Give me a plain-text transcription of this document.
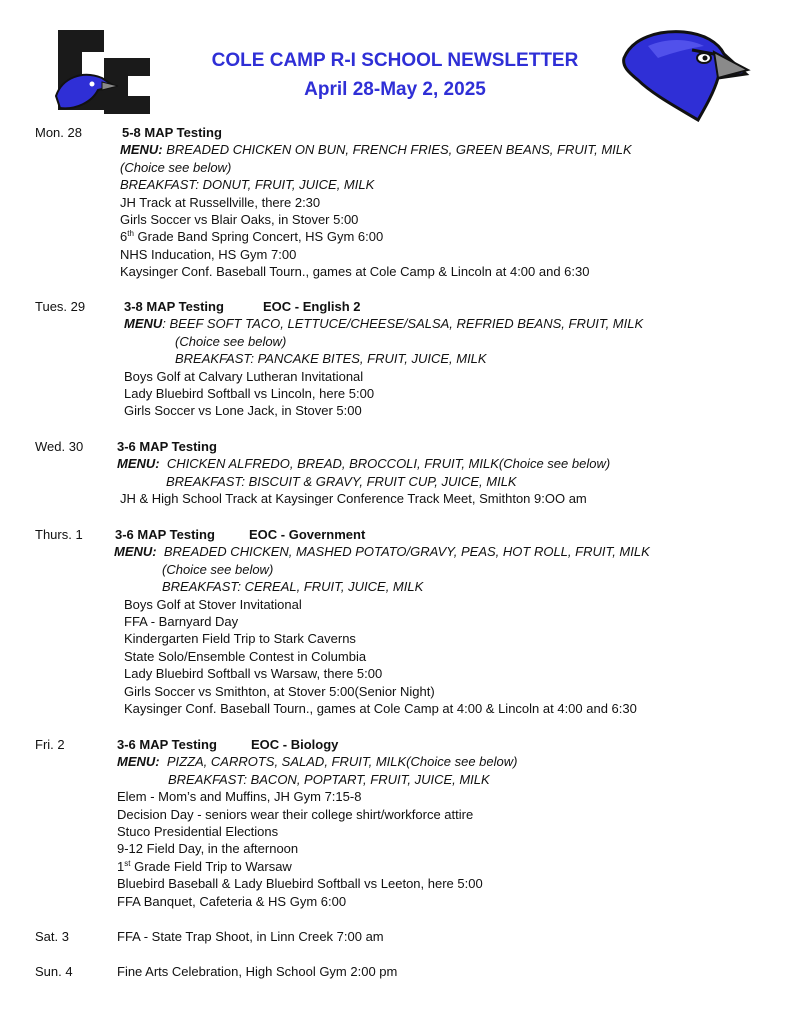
COLE CAMP R-I SCHOOL NEWSLETTER
April 28-May 2, 2025
Mon. 28	5-8 MAP Testing
MENU: BREADED CHICKEN ON BUN, FRENCH FRIES, GREEN BEANS, FRUIT, MILK
(Choice see below)
BREAKFAST: DONUT, FRUIT, JUICE, MILK
JH Track at Russellville, there 2:30
Girls Soccer vs Blair Oaks, in Stover 5:00
6th Grade Band Spring Concert, HS Gym 6:00
NHS Inducation, HS Gym 7:00
Kaysinger Conf. Baseball Tourn., games at Cole Camp & Lincoln at 4:00 and 6:30
Tues. 29	3-8 MAP Testing	EOC - English 2
MENU: BEEF SOFT TACO, LETTUCE/CHEESE/SALSA, REFRIED BEANS, FRUIT, MILK
(Choice see below)
BREAKFAST: PANCAKE BITES, FRUIT, JUICE, MILK
Boys Golf at Calvary Lutheran Invitational
Lady Bluebird Softball vs Lincoln, here 5:00
Girls Soccer vs Lone Jack, in Stover 5:00
Wed. 30	3-6 MAP Testing
MENU: CHICKEN ALFREDO, BREAD, BROCCOLI, FRUIT, MILK(Choice see below)
BREAKFAST: BISCUIT & GRAVY, FRUIT CUP, JUICE, MILK
JH & High School Track at Kaysinger Conference Track Meet, Smithton 9:OO am
Thurs. 1 3-6 MAP Testing	EOC - Government
MENU: BREADED CHICKEN, MASHED POTATO/GRAVY, PEAS, HOT ROLL, FRUIT, MILK
(Choice see below)
BREAKFAST: CEREAL, FRUIT, JUICE, MILK
Boys Golf at Stover Invitational
FFA - Barnyard Day
Kindergarten Field Trip to Stark Caverns
State Solo/Ensemble Contest in Columbia
Lady Bluebird Softball vs Warsaw, there 5:00
Girls Soccer vs Smithton, at Stover 5:00(Senior Night)
Kaysinger Conf. Baseball Tourn., games at Cole Camp at 4:00 & Lincoln at 4:00 and 6:30
Fri. 2	3-6 MAP Testing	EOC - Biology
MENU: PIZZA, CARROTS, SALAD, FRUIT, MILK(Choice see below)
BREAKFAST: BACON, POPTART, FRUIT, JUICE, MILK
Elem - Mom’s and Muffins, JH Gym 7:15-8
Decision Day - seniors wear their college shirt/workforce attire
Stuco Presidential Elections
9-12 Field Day, in the afternoon
1st Grade Field Trip to Warsaw
Bluebird Baseball & Lady Bluebird Softball vs Leeton, here 5:00
FFA Banquet, Cafeteria & HS Gym 6:00
Sat. 3	FFA - State Trap Shoot, in Linn Creek 7:00 am
Sun. 4	Fine Arts Celebration, High School Gym 2:00 pm
